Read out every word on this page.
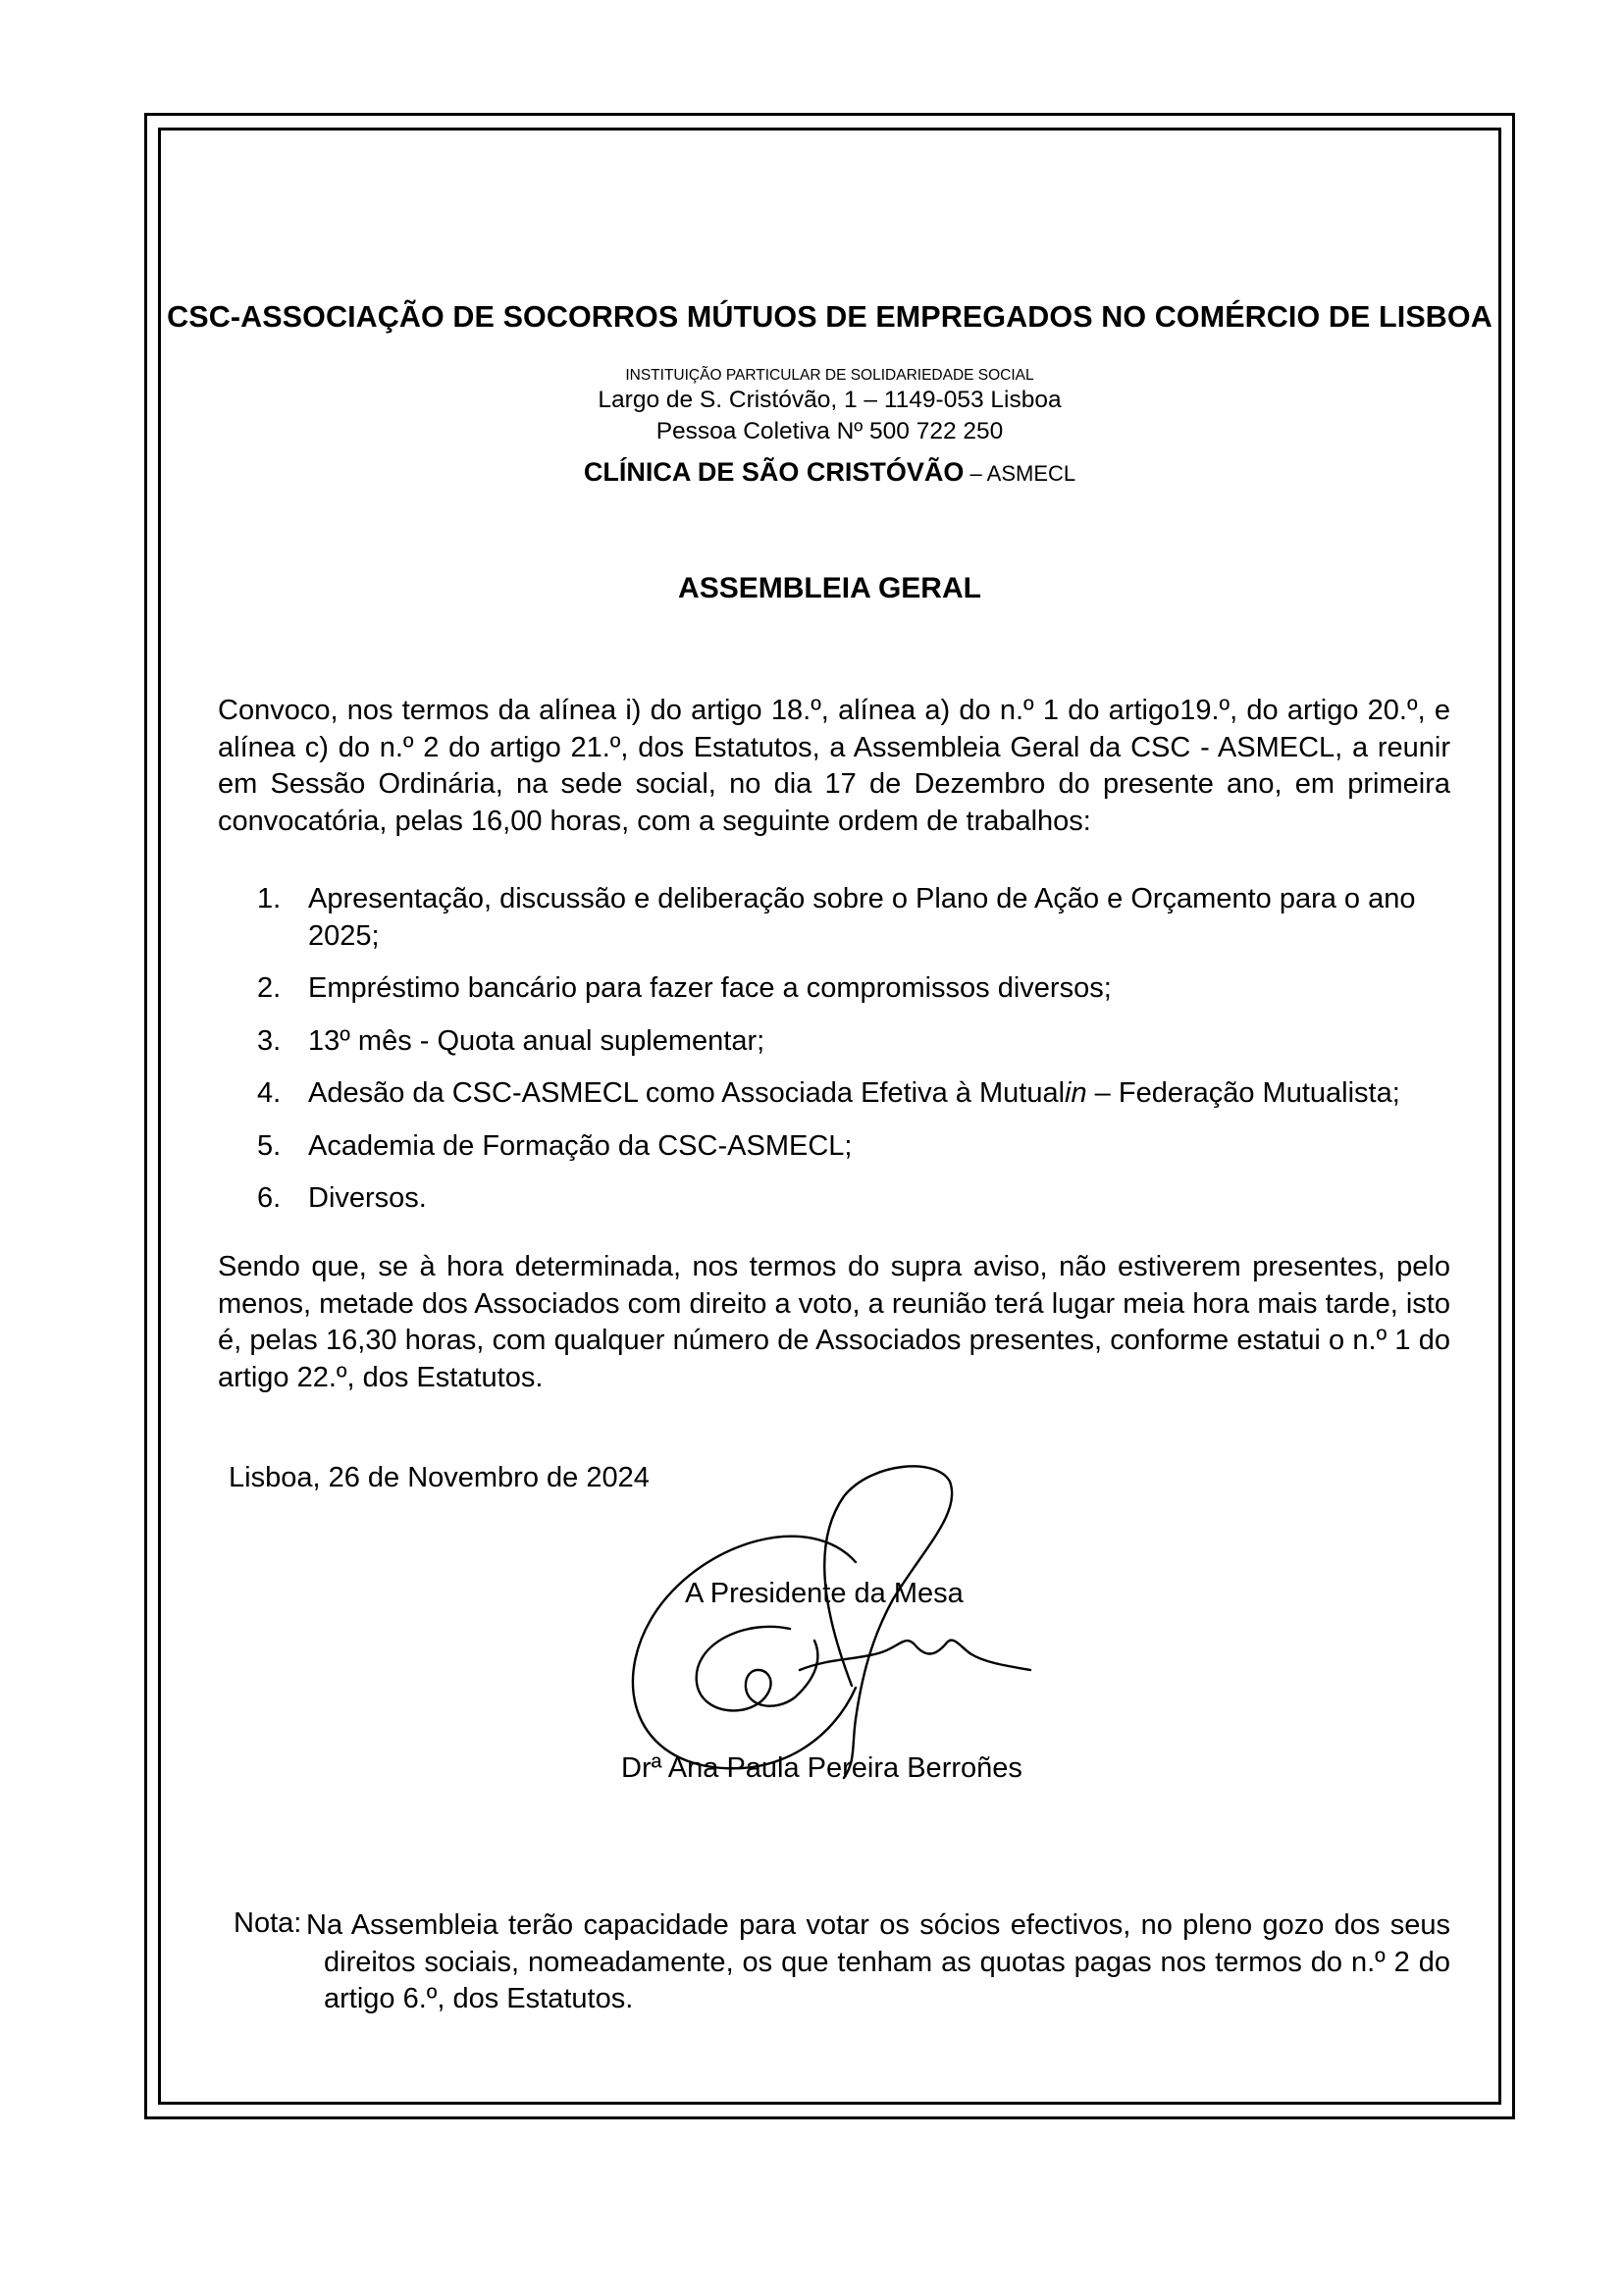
CSC-ASSOCIAÇÃO DE SOCORROS MÚTUOS DE EMPREGADOS NO COMÉRCIO DE LISBOA
INSTITUIÇÃO PARTICULAR DE SOLIDARIEDADE SOCIAL
Largo de S. Cristóvão, 1 – 1149-053 Lisboa
Pessoa Coletiva Nº 500 722 250
CLÍNICA DE SÃO CRISTÓVÃO – ASMECL
ASSEMBLEIA GERAL
Convoco, nos termos da alínea i) do artigo 18.º, alínea a) do n.º 1 do artigo19.º, do artigo 20.º, e alínea c) do n.º 2 do artigo 21.º, dos Estatutos, a Assembleia Geral da CSC - ASMECL, a reunir em Sessão Ordinária, na sede social, no dia 17 de Dezembro do presente ano, em primeira convocatória, pelas 16,00 horas, com a seguinte ordem de trabalhos:
1. Apresentação, discussão e deliberação sobre o Plano de Ação e Orçamento para o ano 2025;
2. Empréstimo bancário para fazer face a compromissos diversos;
3. 13º mês - Quota anual suplementar;
4. Adesão da CSC-ASMECL como Associada Efetiva à Mutualin – Federação Mutualista;
5. Academia de Formação da CSC-ASMECL;
6. Diversos.
Sendo que, se à hora determinada, nos termos do supra aviso, não estiverem presentes, pelo menos, metade dos Associados com direito a voto, a reunião terá lugar meia hora mais tarde, isto é, pelas 16,30 horas, com qualquer número de Associados presentes, conforme estatui o n.º 1 do artigo 22.º, dos Estatutos.
Lisboa, 26 de Novembro de 2024
A Presidente da Mesa
Drª Ana Paula Pereira Berroñes
Nota: Na Assembleia terão capacidade para votar os sócios efectivos, no pleno gozo dos seus direitos sociais, nomeadamente, os que tenham as quotas pagas nos termos do n.º 2 do artigo 6.º, dos Estatutos.
